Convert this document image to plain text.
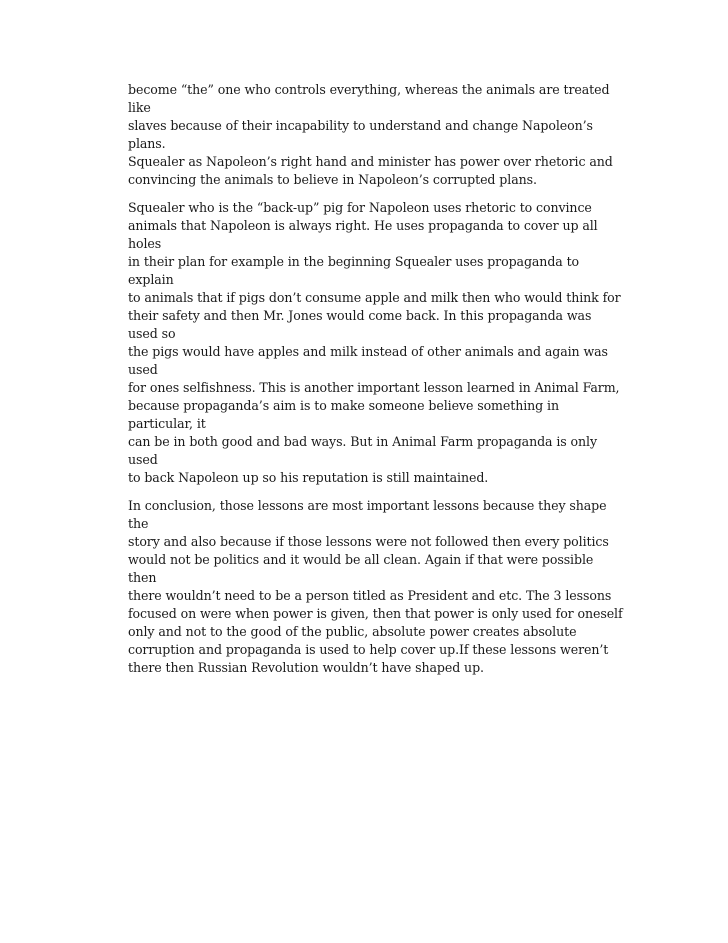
become “the” one who controls everything, whereas the animals are treated like
slaves because of their incapability to understand and change Napoleon’s plans.
Squealer as Napoleon’s right hand and minister has power over rhetoric and
convincing the animals to believe in Napoleon’s corrupted plans.

Squealer who is the “back-up” pig for Napoleon uses rhetoric to convince
animals that Napoleon is always right. He uses propaganda to cover up all holes
in their plan for example in the beginning Squealer uses propaganda to explain
to animals that if pigs don’t consume apple and milk then who would think for
their safety and then Mr. Jones would come back. In this propaganda was used so
the pigs would have apples and milk instead of other animals and again was used
for ones selfishness. This is another important lesson learned in Animal Farm,
because propaganda’s aim is to make someone believe something in particular, it
can be in both good and bad ways. But in Animal Farm propaganda is only used
to back Napoleon up so his reputation is still maintained.

In conclusion, those lessons are most important lessons because they shape the
story and also because if those lessons were not followed then every politics
would not be politics and it would be all clean. Again if that were possible then
there wouldn’t need to be a person titled as President and etc. The 3 lessons
focused on were when power is given, then that power is only used for oneself
only and not to the good of the public, absolute power creates absolute
corruption and propaganda is used to help cover up.If these lessons weren’t
there then Russian Revolution wouldn’t have shaped up.
